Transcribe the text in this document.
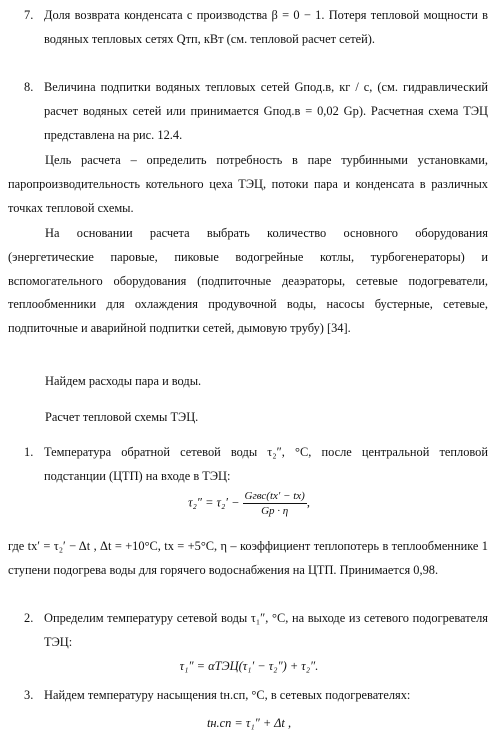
7. Доля возврата конденсата с производства β = 0 − 1. Потеря тепловой мощности в водяных тепловых сетях Qтп, кВт (см. тепловой расчет сетей).

8. Величина подпитки водяных тепловых сетей Gпод.в, кг / с, (см. гидравлический расчет водяных сетей или принимается Gпод.в = 0,02 Gр). Расчетная схема ТЭЦ представлена на рис. 12.4.

Цель расчета – определить потребность в паре турбинными установками, паропроизводительность котельного цеха ТЭЦ, потоки пара и конденсата в различных точках тепловой схемы.

На основании расчета выбрать количество основного оборудования (энергетические паровые, пиковые водогрейные котлы, турбогенераторы) и вспомогательного оборудования (подпиточные деаэраторы, сетевые подогреватели, теплообменники для охлаждения продувочной воды, насосы бустерные, сетевые, подпиточные и аварийной подпитки сетей, дымовую трубу) [34].

Найдем расходы пара и воды.

Расчет тепловой схемы ТЭЦ.

1. Температура обратной сетевой воды τ₂″, °С, после центральной тепловой подстанции (ЦТП) на входе в ТЭЦ:

$\tau_2'' = \tau_2' - \frac{\text{Gгвс(tх′ − tх)}}{Gр \cdot \eta}$ ,

где tх′ = τ₂′ − Δt , Δt = +10°С, tх = +5°С, η – коэффициент теплопотерь в теплообменнике 1 ступени подогрева воды для горячего водоснабжения на ЦТП. Принимается 0,98.

2. Определим температуру сетевой воды τ₁″, °С, на выходе из сетевого подогревателя ТЭЦ:

τ₁″ = αТЭЦ(τ₁′ − τ₂″) + τ₂″.
3. Найдем температуру насыщения tн.сп, °С, в сетевых подогревателях:

tн.сп = τ₁″ + Δt ,
